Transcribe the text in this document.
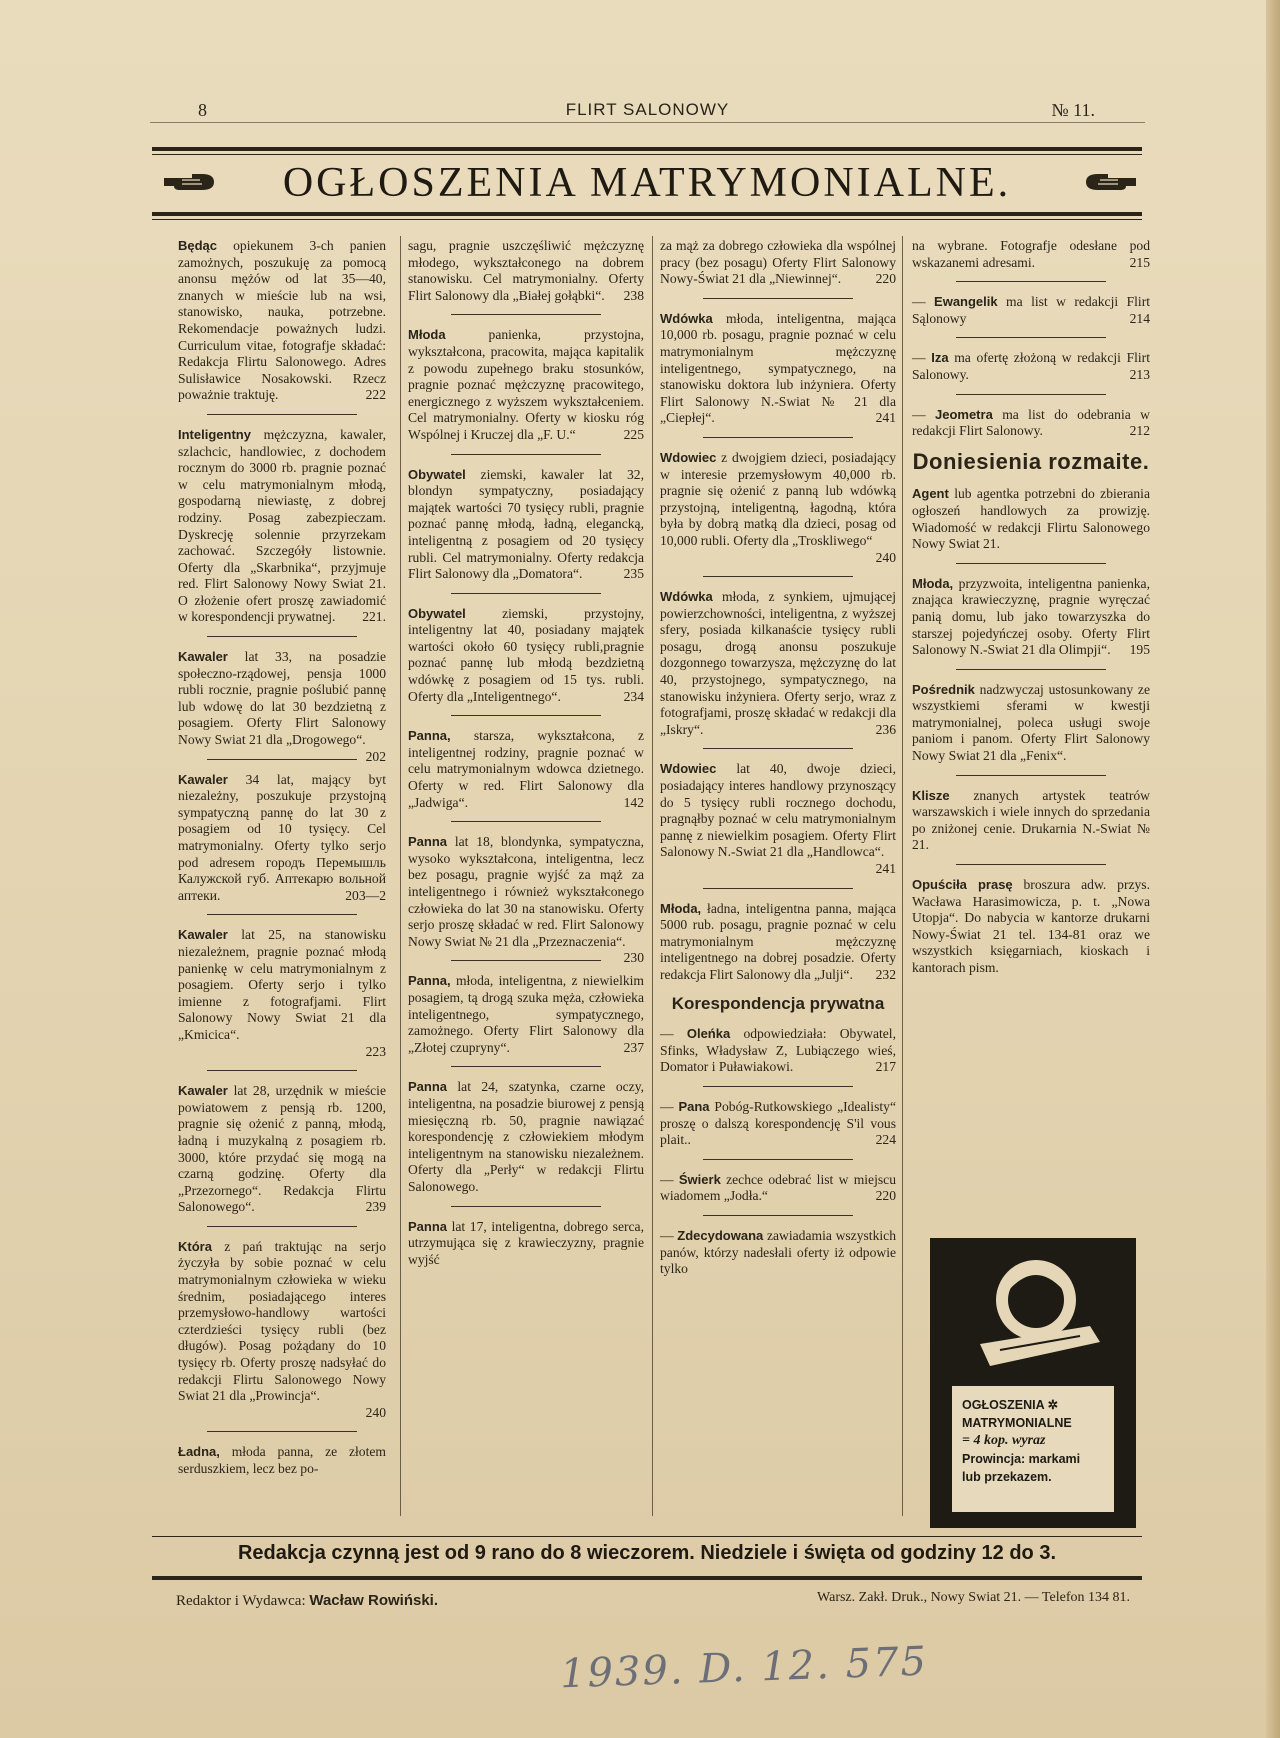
8	FLIRT SALONOWY	№ 11.
OGŁOSZENIA MATRYMONIALNE.
Będąc opiekunem 3-ch panien zamożnych, poszukuję za pomocą anonsu mężów od lat 35—40, znanych w mieście lub na wsi, stanowisko, nauka, potrzebne. Rekomendacje poważnych ludzi. Curriculum vitae, fotografje składać: Redakcja Flirtu Salonowego. Adres Sulisławice Nosakowski. Rzecz poważnie traktuję.	222
Inteligentny mężczyzna, kawaler, szlachcic, handlowiec, z dochodem rocznym do 3000 rb. pragnie poznać w celu matrymonialnym młodą, gospodarną niewiastę, z dobrej rodziny. Posag zabezpieczam. Dyskrecję solennie przyrzekam zachować. Szczegóły listownie. Oferty dla „Skarbnika“, przyjmuje red. Flirt Salonowy Nowy Swiat 21. O złożenie ofert proszę zawiadomić w korespondencji prywatnej. 221.
Kawaler lat 33, na posadzie społeczno-rządowej, pensja 1000 rubli rocznie, pragnie poślubić pannę lub wdowę do lat 30 bezdzietną z posagiem. Oferty Flirt Salonowy Nowy Swiat 21 dla „Drogowego“.
202
Kawaler 34 lat, mający byt niezależny, poszukuje przystojną sympatyczną pannę do lat 30 z posagiem od 10 tysięcy. Cel matrymonialny. Oferty tylko serjo pod adresem городъ Перемышль Калужской губ. Аптекарю вольной аптеки.	203—2
Kawaler lat 25, na stanowisku niezależnem, pragnie poznać młodą panienkę w celu matrymonialnym z posagiem. Oferty serjo i tylko imienne z fotografjami. Flirt Salonowy Nowy Swiat 21 dla „Kmicica“.
223
Kawaler lat 28, urzędnik w mieście powiatowem z pensją rb. 1200, pragnie się ożenić z panną, młodą, ładną i muzykalną z posagiem rb. 3000, które przydać się mogą na czarną godzinę. Oferty dla „Przezornego“. Redakcja Flirtu Salonowego“.	239
Która z pań traktując na serjo życzyła by sobie poznać w celu matrymonialnym człowieka w wieku średnim, posiadającego interes przemysłowo-handlowy wartości czterdzieści tysięcy rubli (bez długów). Posag pożądany do 10 tysięcy rb. Oferty proszę nadsyłać do redakcji Flirtu Salonowego Nowy Swiat 21 dla „Prowincja“.
240
Ładna, młoda panna, ze złotem serduszkiem, lecz bez po-
sagu, pragnie uszczęśliwić mężczyznę młodego, wykształconego na dobrem stanowisku. Cel matrymonialny. Oferty Flirt Salonowy dla „Białej gołąbki“. 238
Młoda	panienka, przystojna, wykształcona, pracowita, mająca kapitalik z powodu zupełnego braku stosunków, pragnie poznać mężczyznę pracowitego, energicznego z wyższem wykształceniem. Cel matrymonialny. Oferty w kiosku róg Wspólnej i Kruczej dla „F. U.“	225
Obywatel ziemski, kawaler lat 32, blondyn sympatyczny, posiadający majątek wartości 70 tysięcy rubli, pragnie poznać pannę młodą, ładną, elegancką, inteligentną z posagiem od 20 tysięcy rubli. Cel matrymonialny. Oferty redakcja Flirt Salonowy dla „Domatora“.	235
Obywatel	ziemski, przystojny, inteligentny lat 40, posiadany majątek wartości około 60 tysięcy rubli,pragnie poznać pannę lub młodą bezdzietną wdówkę z posagiem od 15 tys. rubli. Oferty dla „Inteligentnego“.	234
Panna, starsza, wykształcona, z inteligentnej rodziny, pragnie poznać w celu matrymonialnym wdowca dzietnego. Oferty w red. Flirt Salonowy dla „Jadwiga“.	142
Panna lat 18, blondynka, sympatyczna, wysoko wykształcona, inteligentna, lecz bez posagu, pragnie wyjść za mąż za inteligentnego i również wykształconego człowieka do lat 30 na stanowisku. Oferty serjo proszę składać w red. Flirt Salonowy Nowy Swiat № 21 dla „Przeznaczenia“.
230
Panna, młoda, inteligentna, z niewielkim posagiem, tą drogą szuka męża, człowieka inteligentnego, sympatycznego, zamożnego. Oferty Flirt Salonowy dla „Złotej czupryny“.	237
Panna lat 24, szatynka, czarne oczy, inteligentna, na posadzie biurowej z pensją miesięczną rb. 50, pragnie nawiązać korespondencję z człowiekiem młodym inteligentnym na stanowisku niezależnem. Oferty dla „Perły“ w redakcji Flirtu Salonowego.
Panna lat 17, inteligentna, dobrego serca, utrzymująca się z krawieczyzny, pragnie wyjść
za mąż za dobrego człowieka dla wspólnej pracy (bez posagu) Oferty Flirt Salonowy Nowy-Świat 21 dla „Niewinnej“.	220
Wdówka młoda, inteligentna, mająca 10,000 rb. posagu, pragnie poznać w celu matrymonialnym mężczyznę inteligentnego, sympatycznego, na stanowisku doktora lub inżyniera. Oferty Flirt Salonowy N.-Swiat № 21 dla „Ciepłej“.	241
Wdowiec z dwojgiem dzieci, posiadający w interesie przemysłowym 40,000 rb. pragnie się ożenić z panną lub wdówką przystojną, inteligentną, łagodną, która była by dobrą matką dla dzieci, posag od 10,000 rubli. Oferty dla „Troskliwego“
240
Wdówka młoda, z synkiem, ujmującej powierzchowności, inteligentna, z wyższej sfery, posiada kilkanaście tysięcy rubli posagu, drogą anonsu poszukuje dozgonnego towarzysza, mężczyznę do lat 40, przystojnego, sympatycznego, na stanowisku inżyniera. Oferty serjo, wraz z fotografjami, proszę składać w redakcji dla „Iskry“.	236
Wdowiec lat 40, dwoje dzieci, posiadający interes handlowy przynoszący do 5 tysięcy rubli rocznego dochodu, pragnąłby poznać w celu matrymonialnym pannę z niewielkim posagiem. Oferty Flirt Salonowy N.-Swiat 21 dla „Handlowca“.
241
Młoda, ładna, inteligentna panna, mająca 5000 rub. posagu, pragnie poznać w celu matrymonialnym mężczyznę inteligentnego na dobrej posadzie. Oferty redakcja Flirt Salonowy dla „Julji“. 232
Korespondencja prywatna
— Oleńka odpowiedziała: Obywatel, Sfinks, Władysław Z, Lubiączego wieś, Domator i Puławiakowi.	217
— Pana Pobóg-Rutkowskiego „Idealisty“ proszę o dalszą korespondencję S'il vous plait..	224
— Świerk zechce odebrać list w miejscu wiadomem „Jodła.“	220
— Zdecydowana zawiadamia wszystkich panów, którzy nadesłali oferty iż odpowie tylko
na wybrane. Fotografje odesłane pod wskazanemi adresami.	215
— Ewangelik ma list w redakcji Flirt Sąlonowy	214
— Iza ma ofertę złożoną w redakcji Flirt Salonowy.	213
— Jeometra ma list do odebrania w redakcji Flirt Salonowy.	212
Doniesienia rozmaite.
Agent lub agentka potrzebni do zbierania ogłoszeń handlowych za prowizję. Wiadomość w redakcji Flirtu Salonowego Nowy Swiat 21.
Młoda, przyzwoita, inteligentna panienka, znająca krawieczyznę, pragnie wyręczać panią domu, lub jako towarzyszka do starszej pojedyńczej osoby. Oferty Flirt Salonowy N.-Swiat 21 dla Olimpji“. 195
Pośrednik nadzwyczaj ustosunkowany ze wszystkiemi sferami w kwestji matrymonialnej, poleca usługi swoje paniom i panom. Oferty Flirt Salonowy Nowy Swiat 21 dla „Fenix“.
Klisze znanych artystek teatrów warszawskich i wiele innych do sprzedania po zniżonej cenie. Drukarnia N.-Swiat № 21.
Opuściła prasę broszura adw. przys. Wacława Harasimowicza, p. t. „Nowa Utopja“. Do nabycia w kantorze drukarni Nowy-Świat 21 tel. 134-81 oraz we wszystkich księgarniach, kioskach i kantorach pism.
OGŁOSZENIA ✲
MATRYMONIALNE
= 4 kop. wyraz
Prowincja: markami
lub przekazem.
Redakcja czynną jest od 9 rano do 8 wieczorem. Niedziele i święta od godziny 12 do 3.
Redaktor i Wydawca: Wacław Rowiński.	Warsz. Zakł. Druk., Nowy Swiat 21. — Telefon 134 81.
1939. D. 12. 575
